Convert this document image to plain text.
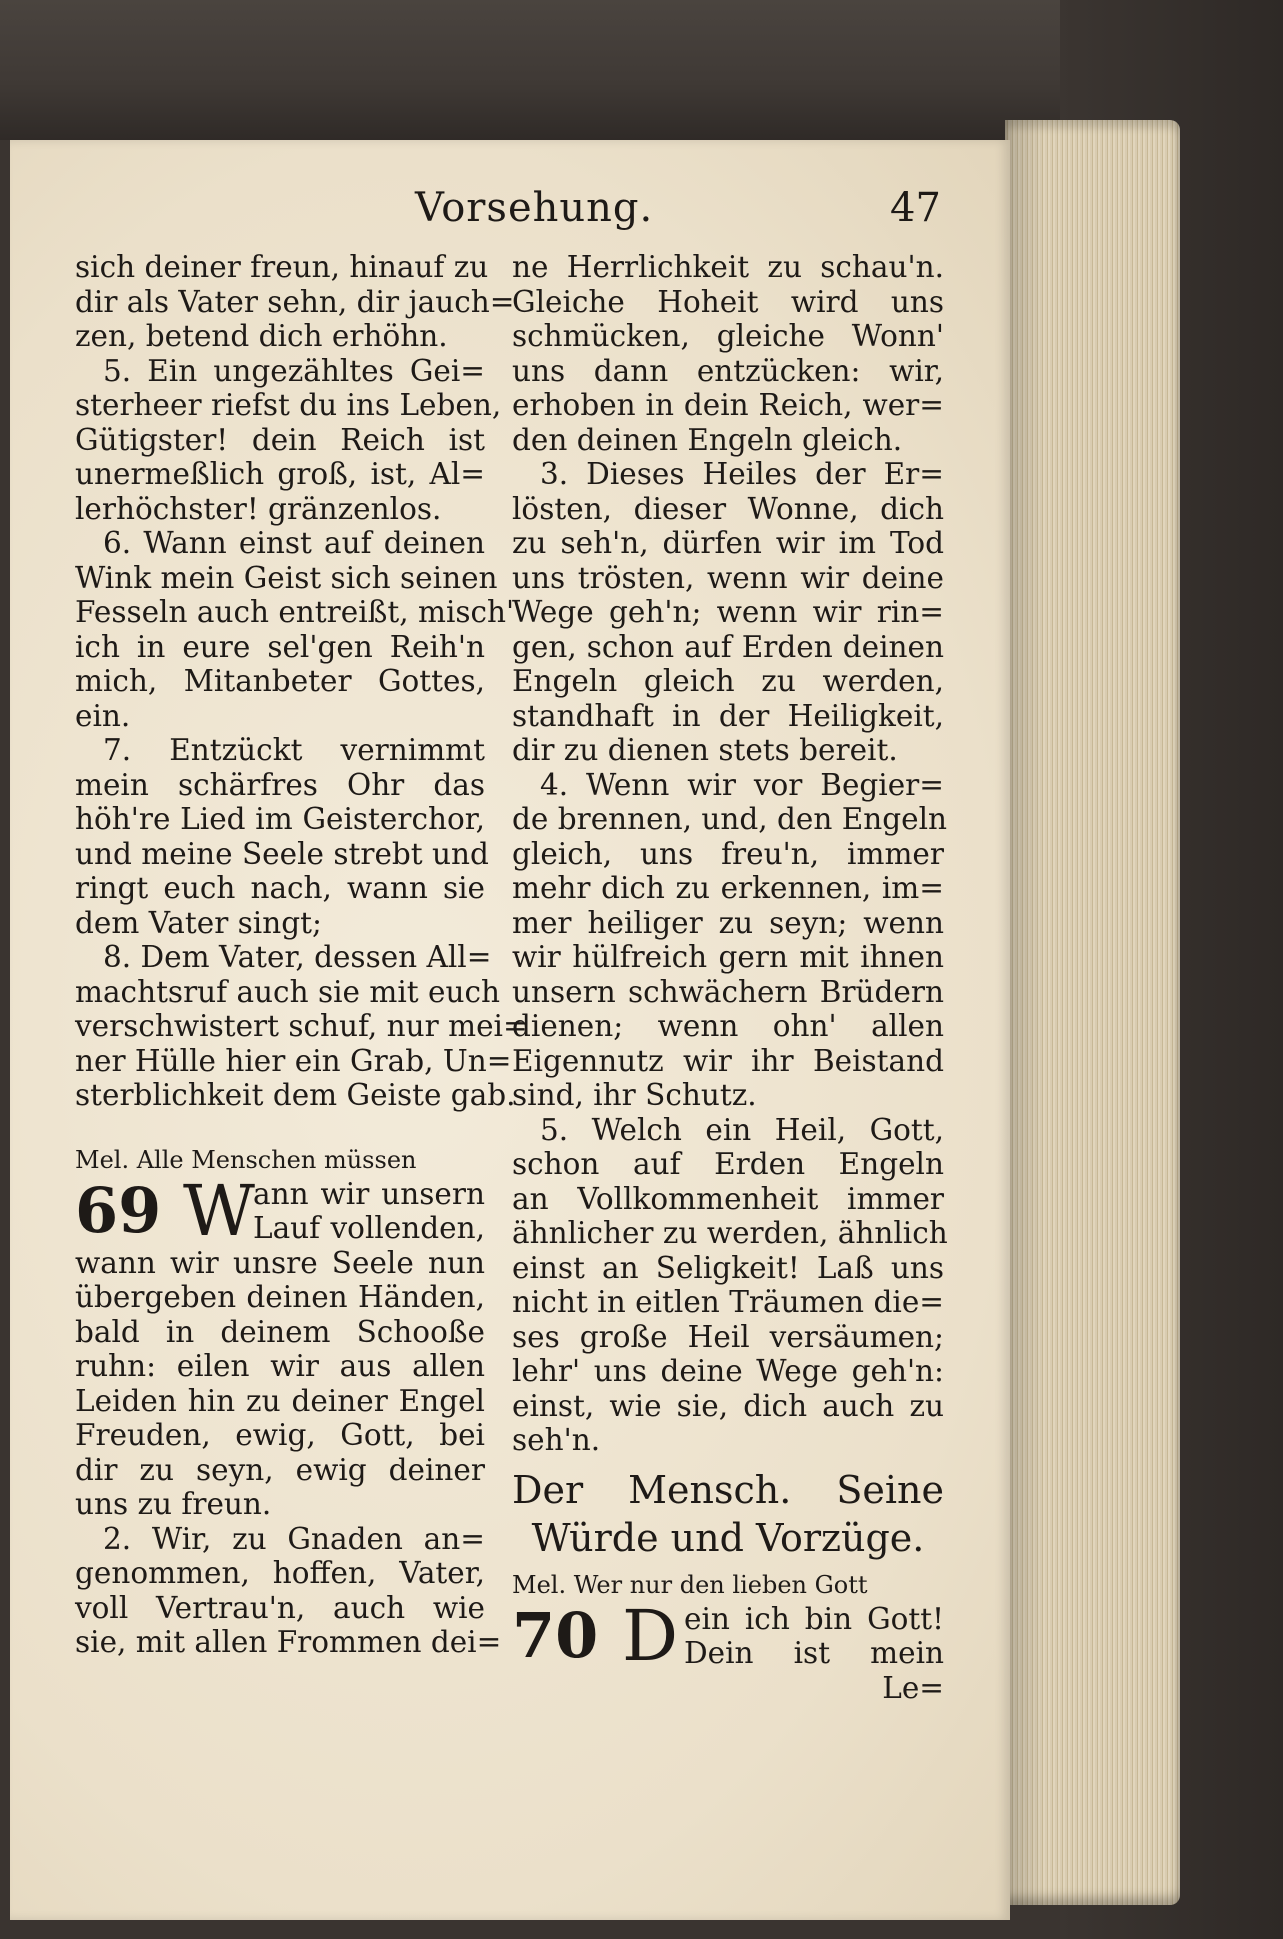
Vorsehung.	47
sich deiner freun, hinauf zu
dir als Vater sehn, dir jauch=
zen, betend dich erhöhn.
5. Ein ungezähltes Gei=
sterheer riefst du ins Leben,
Gütigster! dein Reich ist
unermeßlich groß, ist, Al=
lerhöchster! gränzenlos.
6. Wann einst auf deinen
Wink mein Geist sich seinen
Fesseln auch entreißt, misch'
ich in eure sel'gen Reih'n
mich, Mitanbeter Gottes,
ein.
7. Entzückt vernimmt
mein schärfres Ohr das
höh're Lied im Geisterchor,
und meine Seele strebt und
ringt euch nach, wann sie
dem Vater singt;
8. Dem Vater, dessen All=
machtsruf auch sie mit euch
verschwistert schuf, nur mei=
ner Hülle hier ein Grab, Un=
sterblichkeit dem Geiste gab.
Mel. Alle Menschen müssen
69 W
ann wir unsern
Lauf vollenden,
wann wir unsre Seele nun
übergeben deinen Händen,
bald in deinem Schooße
ruhn: eilen wir aus allen
Leiden hin zu deiner Engel
Freuden, ewig, Gott, bei
dir zu seyn, ewig deiner
uns zu freun.
2. Wir, zu Gnaden an=
genommen, hoffen, Vater,
voll Vertrau'n, auch wie
sie, mit allen Frommen dei=
ne Herrlichkeit zu schau'n.
Gleiche Hoheit wird uns
schmücken, gleiche Wonn'
uns dann entzücken: wir,
erhoben in dein Reich, wer=
den deinen Engeln gleich.
3. Dieses Heiles der Er=
lösten, dieser Wonne, dich
zu seh'n, dürfen wir im Tod
uns trösten, wenn wir deine
Wege geh'n; wenn wir rin=
gen, schon auf Erden deinen
Engeln gleich zu werden,
standhaft in der Heiligkeit,
dir zu dienen stets bereit.
4. Wenn wir vor Begier=
de brennen, und, den Engeln
gleich, uns freu'n, immer
mehr dich zu erkennen, im=
mer heiliger zu seyn; wenn
wir hülfreich gern mit ihnen
unsern schwächern Brüdern
dienen; wenn ohn' allen
Eigennutz wir ihr Beistand
sind, ihr Schutz.
5. Welch ein Heil, Gott,
schon auf Erden Engeln
an Vollkommenheit immer
ähnlicher zu werden, ähnlich
einst an Seligkeit! Laß uns
nicht in eitlen Träumen die=
ses große Heil versäumen;
lehr' uns deine Wege geh'n:
einst, wie sie, dich auch zu
seh'n.
Der Mensch. Seine
Würde und Vorzüge.
Mel. Wer nur den lieben Gott
70 D ein ich bin Gott!
Dein ist mein
Le=
